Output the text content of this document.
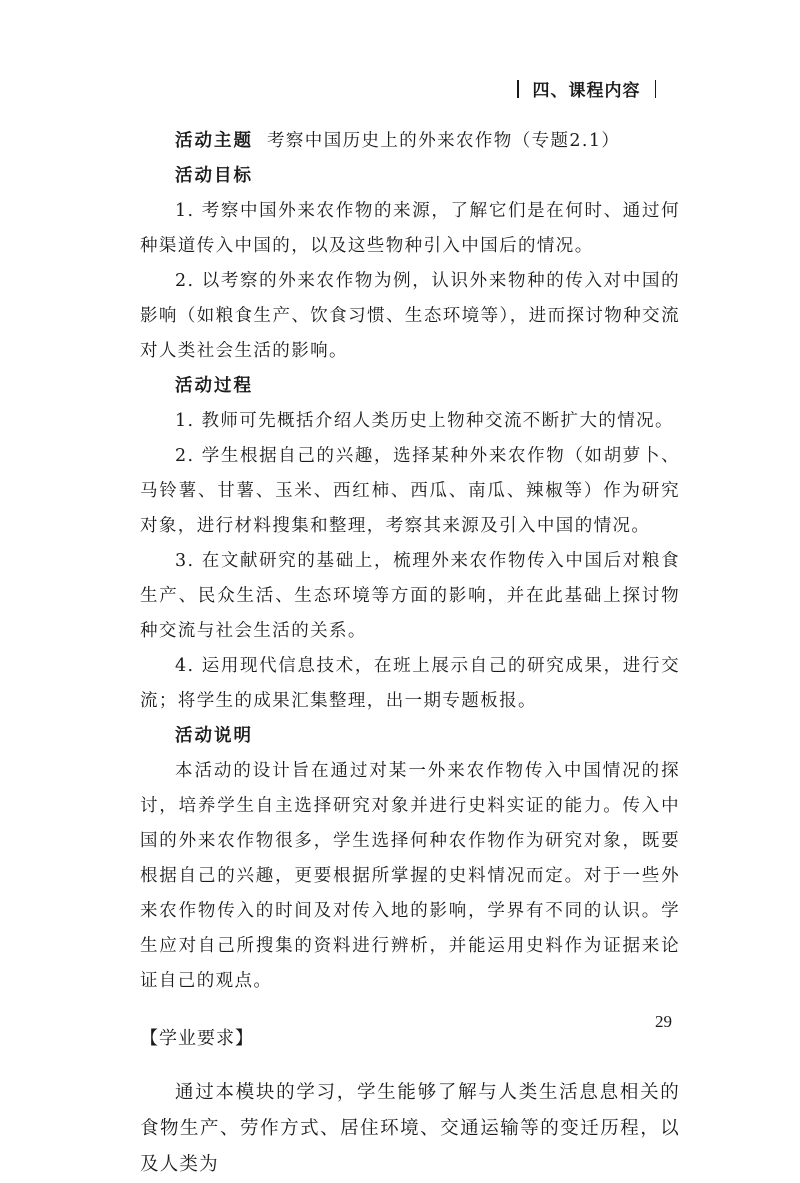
四、课程内容

活动主题 考察中国历史上的外来农作物（专题2.1）

活动目标

1. 考察中国外来农作物的来源，了解它们是在何时、通过何种渠道传入中国的，以及这些物种引入中国后的情况。

2. 以考察的外来农作物为例，认识外来物种的传入对中国的影响（如粮食生产、饮食习惯、生态环境等），进而探讨物种交流对人类社会生活的影响。

活动过程

1. 教师可先概括介绍人类历史上物种交流不断扩大的情况。

2. 学生根据自己的兴趣，选择某种外来农作物（如胡萝卜、马铃薯、甘薯、玉米、西红柿、西瓜、南瓜、辣椒等）作为研究对象，进行材料搜集和整理，考察其来源及引入中国的情况。

3. 在文献研究的基础上，梳理外来农作物传入中国后对粮食生产、民众生活、生态环境等方面的影响，并在此基础上探讨物种交流与社会生活的关系。

4. 运用现代信息技术，在班上展示自己的研究成果，进行交流；将学生的成果汇集整理，出一期专题板报。

活动说明

本活动的设计旨在通过对某一外来农作物传入中国情况的探讨，培养学生自主选择研究对象并进行史料实证的能力。传入中国的外来农作物很多，学生选择何种农作物作为研究对象，既要根据自己的兴趣，更要根据所掌握的史料情况而定。对于一些外来农作物传入的时间及对传入地的影响，学界有不同的认识。学生应对自己所搜集的资料进行辨析，并能运用史料作为证据来论证自己的观点。

【学业要求】

通过本模块的学习，学生能够了解与人类生活息息相关的食物生产、劳作方式、居住环境、交通运输等的变迁历程，以及人类为

29
